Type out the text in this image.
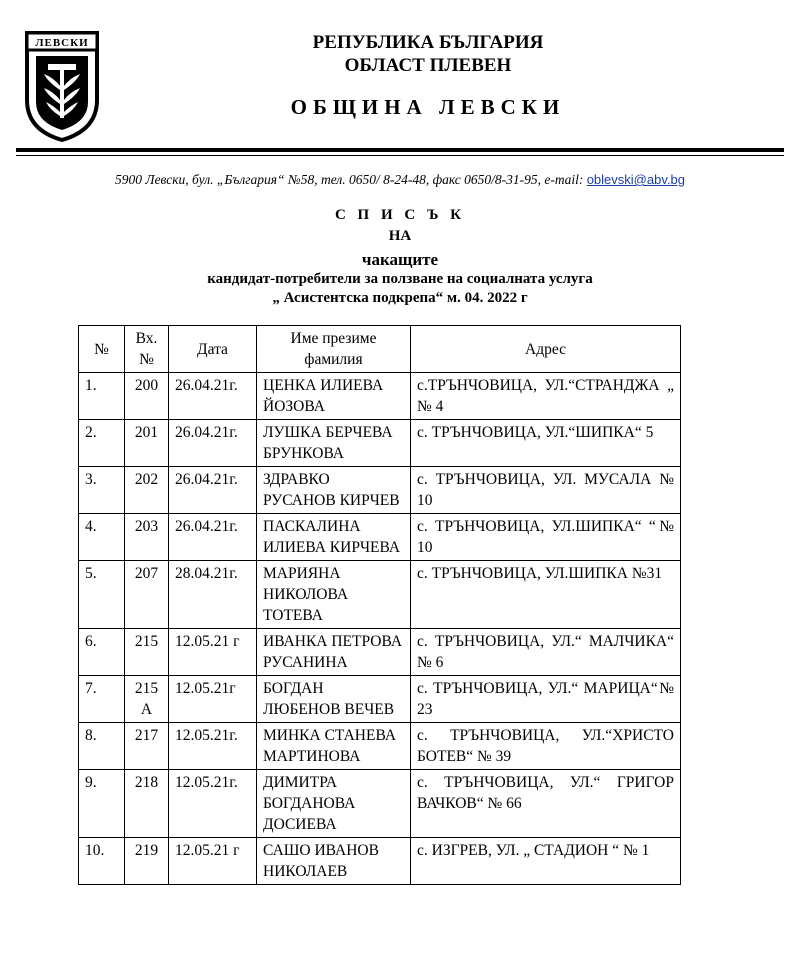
ЛЕВСКИ	РЕПУБЛИКА БЪЛГАРИЯ
ОБЛАСТ ПЛЕВЕН
ОБЩИНА ЛЕВСКИ
5900 Левски, бул. „България“ №58, тел. 0650/ 8-24-48, факс 0650/8-31-95, e-mail: oblevski@abv.bg
С П И С Ъ К
НА
чакащите
кандидат-потребители за ползване на социалната услуга
„ Асистентска подкрепа“ м. 04. 2022 г
№	Вх. №	Дата	Име презиме фамилия	Адрес
1.	200	26.04.21г.	ЦЕНКА ИЛИЕВА ЙОЗОВА	с.ТРЪНЧОВИЦА, УЛ.“СТРАНДЖА „ № 4
2.	201	26.04.21г.	ЛУШКА БЕРЧЕВА БРУНКОВА	с. ТРЪНЧОВИЦА, УЛ.“ШИПКА“ 5
3.	202	26.04.21г.	ЗДРАВКО РУСАНОВ КИРЧЕВ	с. ТРЪНЧОВИЦА, УЛ. МУСАЛА № 10
4.	203	26.04.21г.	ПАСКАЛИНА ИЛИЕВА КИРЧЕВА	с. ТРЪНЧОВИЦА, УЛ.ШИПКА“ “№ 10
5.	207	28.04.21г.	МАРИЯНА НИКОЛОВА ТОТЕВА	с. ТРЪНЧОВИЦА, УЛ.ШИПКА №31
6.	215	12.05.21 г	ИВАНКА ПЕТРОВА РУСАНИНА	с. ТРЪНЧОВИЦА, УЛ.“ МАЛЧИКА“ № 6
7.	215 А	12.05.21г	БОГДАН ЛЮБЕНОВ ВЕЧЕВ	с. ТРЪНЧОВИЦА, УЛ.“ МАРИЦА“№ 23
8.	217	12.05.21г.	МИНКА СТАНЕВА МАРТИНОВА	с. ТРЪНЧОВИЦА, УЛ.“ХРИСТО БОТЕВ“ № 39
9.	218	12.05.21г.	ДИМИТРА БОГДАНОВА ДОСИЕВА	с. ТРЪНЧОВИЦА, УЛ.“ ГРИГОР ВАЧКОВ“ № 66
10.	219	12.05.21 г	САШО ИВАНОВ НИКОЛАЕВ	с. ИЗГРЕВ, УЛ. „ СТАДИОН “ № 1
